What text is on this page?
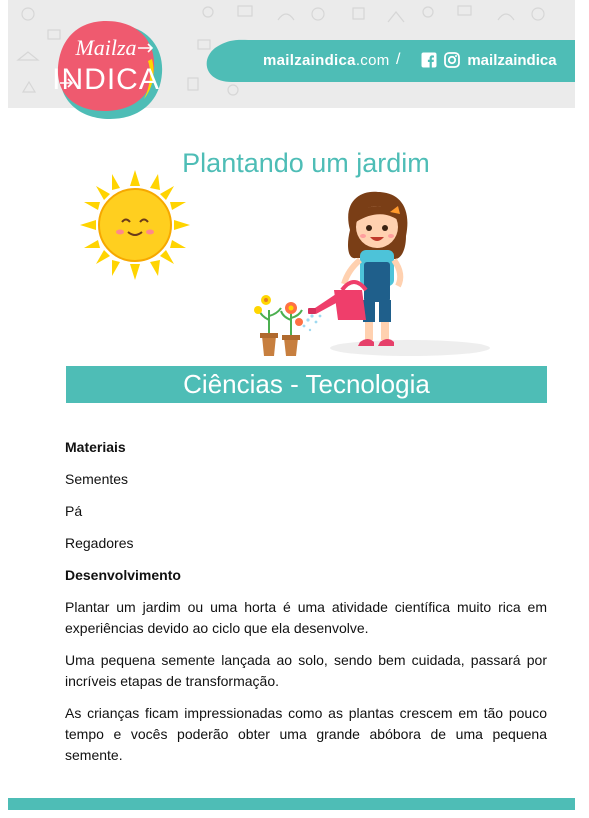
mailzaindica.com /	mailzaindica
Mailza
INDICA
Plantando um jardim
Ciências - Tecnologia

Materiais

Sementes

Pá

Regadores

Desenvolvimento

Plantar um jardim ou uma horta é uma atividade científica muito rica em experiências devido ao ciclo que ela desenvolve.

Uma pequena semente lançada ao solo, sendo bem cuidada, passará por incríveis etapas de transformação.

As crianças ficam impressionadas como as plantas crescem em tão pouco tempo e vocês poderão obter uma grande abóbora de uma pequena semente.
